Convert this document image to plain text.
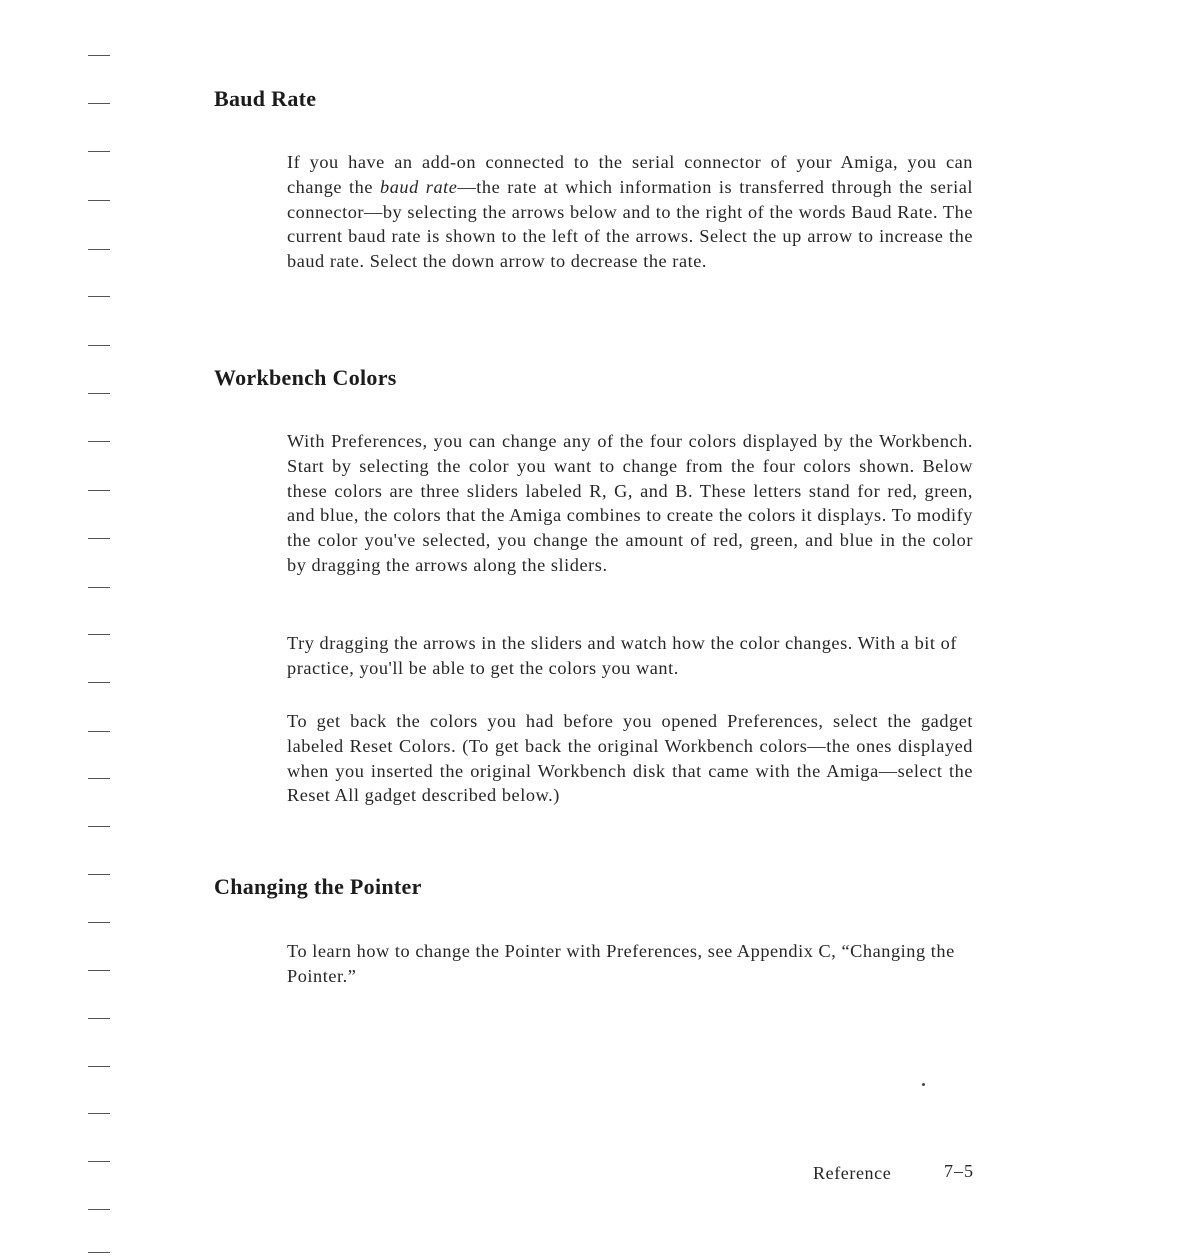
Baud Rate

If you have an add-on connected to the serial connector of your Amiga, you can change the baud rate—the rate at which information is transferred through the serial connector—by selecting the arrows below and to the right of the words Baud Rate. The current baud rate is shown to the left of the arrows. Select the up arrow to increase the baud rate. Select the down arrow to decrease the rate.

Workbench Colors

With Preferences, you can change any of the four colors displayed by the Workbench. Start by selecting the color you want to change from the four colors shown. Below these colors are three sliders labeled R, G, and B. These letters stand for red, green, and blue, the colors that the Amiga combines to create the colors it displays. To modify the color you've selected, you change the amount of red, green, and blue in the color by dragging the arrows along the sliders.

Try dragging the arrows in the sliders and watch how the color changes. With a bit of practice, you'll be able to get the colors you want.

To get back the colors you had before you opened Preferences, select the gadget labeled Reset Colors. (To get back the original Workbench colors—the ones displayed when you inserted the original Workbench disk that came with the Amiga—select the Reset All gadget described below.)

Changing the Pointer

To learn how to change the Pointer with Preferences, see Appendix C, “Changing the Pointer.”

Reference	7–5
